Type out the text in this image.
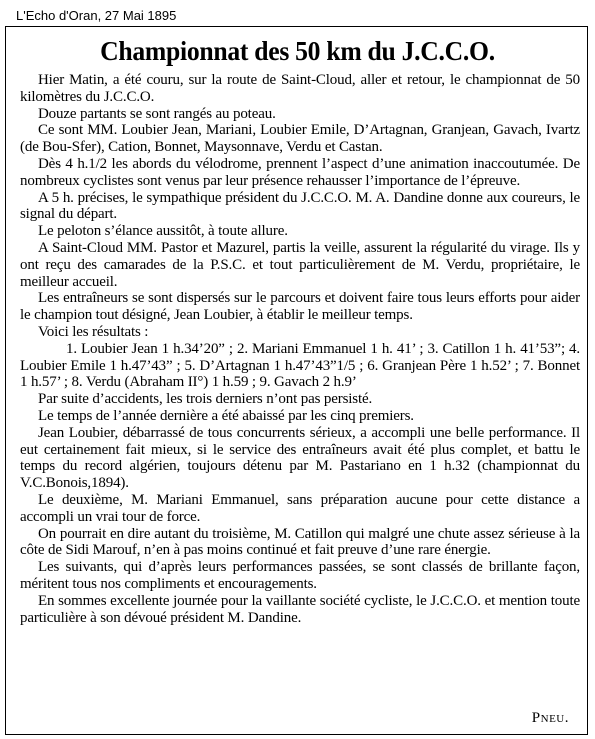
L'Echo d'Oran, 27 Mai 1895
Championnat des 50 km du J.C.C.O.

Hier Matin, a été couru, sur la route de Saint-Cloud, aller et retour, le championnat de 50 kilomètres du J.C.C.O.

Douze partants se sont rangés au poteau.

Ce sont MM. Loubier Jean, Mariani, Loubier Emile, D’Artagnan, Granjean, Gavach, Ivartz (de Bou-Sfer), Cation, Bonnet, Maysonnave, Verdu et Castan.

Dès 4 h.1/2 les abords du vélodrome, prennent l’aspect d’une animation inaccoutumée. De nombreux cyclistes sont venus par leur présence rehausser l’importance de l’épreuve.

A 5 h. précises, le sympathique président du J.C.C.O. M. A. Dandine donne aux coureurs, le signal du départ.

Le peloton s’élance aussitôt, à toute allure.

A Saint-Cloud MM. Pastor et Mazurel, partis la veille, assurent la régularité du virage. Ils y ont reçu des camarades de la P.S.C. et tout particulièrement de M. Verdu, propriétaire, le meilleur accueil.

Les entraîneurs se sont dispersés sur le parcours et doivent faire tous leurs efforts pour aider le champion tout désigné, Jean Loubier, à établir le meilleur temps.

Voici les résultats :

1. Loubier Jean 1 h.34’20” ; 2. Mariani Emmanuel 1 h. 41’ ; 3. Catillon 1 h. 41’53”; 4. Loubier Emile 1 h.47’43” ; 5. D’Artagnan 1 h.47’43”1/5 ; 6. Granjean Père 1 h.52’ ; 7. Bonnet 1 h.57’ ; 8. Verdu (Abraham II°) 1 h.59 ; 9. Gavach 2 h.9’

Par suite d’accidents, les trois derniers n’ont pas persisté.

Le temps de l’année dernière a été abaissé par les cinq premiers.

Jean Loubier, débarrassé de tous concurrents sérieux, a accompli une belle performance. Il eut certainement fait mieux, si le service des entraîneurs avait été plus complet, et battu le temps du record algérien, toujours détenu par M. Pastariano en 1 h.32 (championnat du V.C.Bonois,1894).

Le deuxième, M. Mariani Emmanuel, sans préparation aucune pour cette distance a accompli un vrai tour de force.

On pourrait en dire autant du troisième, M. Catillon qui malgré une chute assez sérieuse à la côte de Sidi Marouf, n’en à pas moins continué et fait preuve d’une rare énergie.

Les suivants, qui d’après leurs performances passées, se sont classés de brillante façon, méritent tous nos compliments et encouragements.

En sommes excellente journée pour la vaillante société cycliste, le J.C.C.O. et mention toute particulière à son dévoué président M. Dandine.

Pneu.
